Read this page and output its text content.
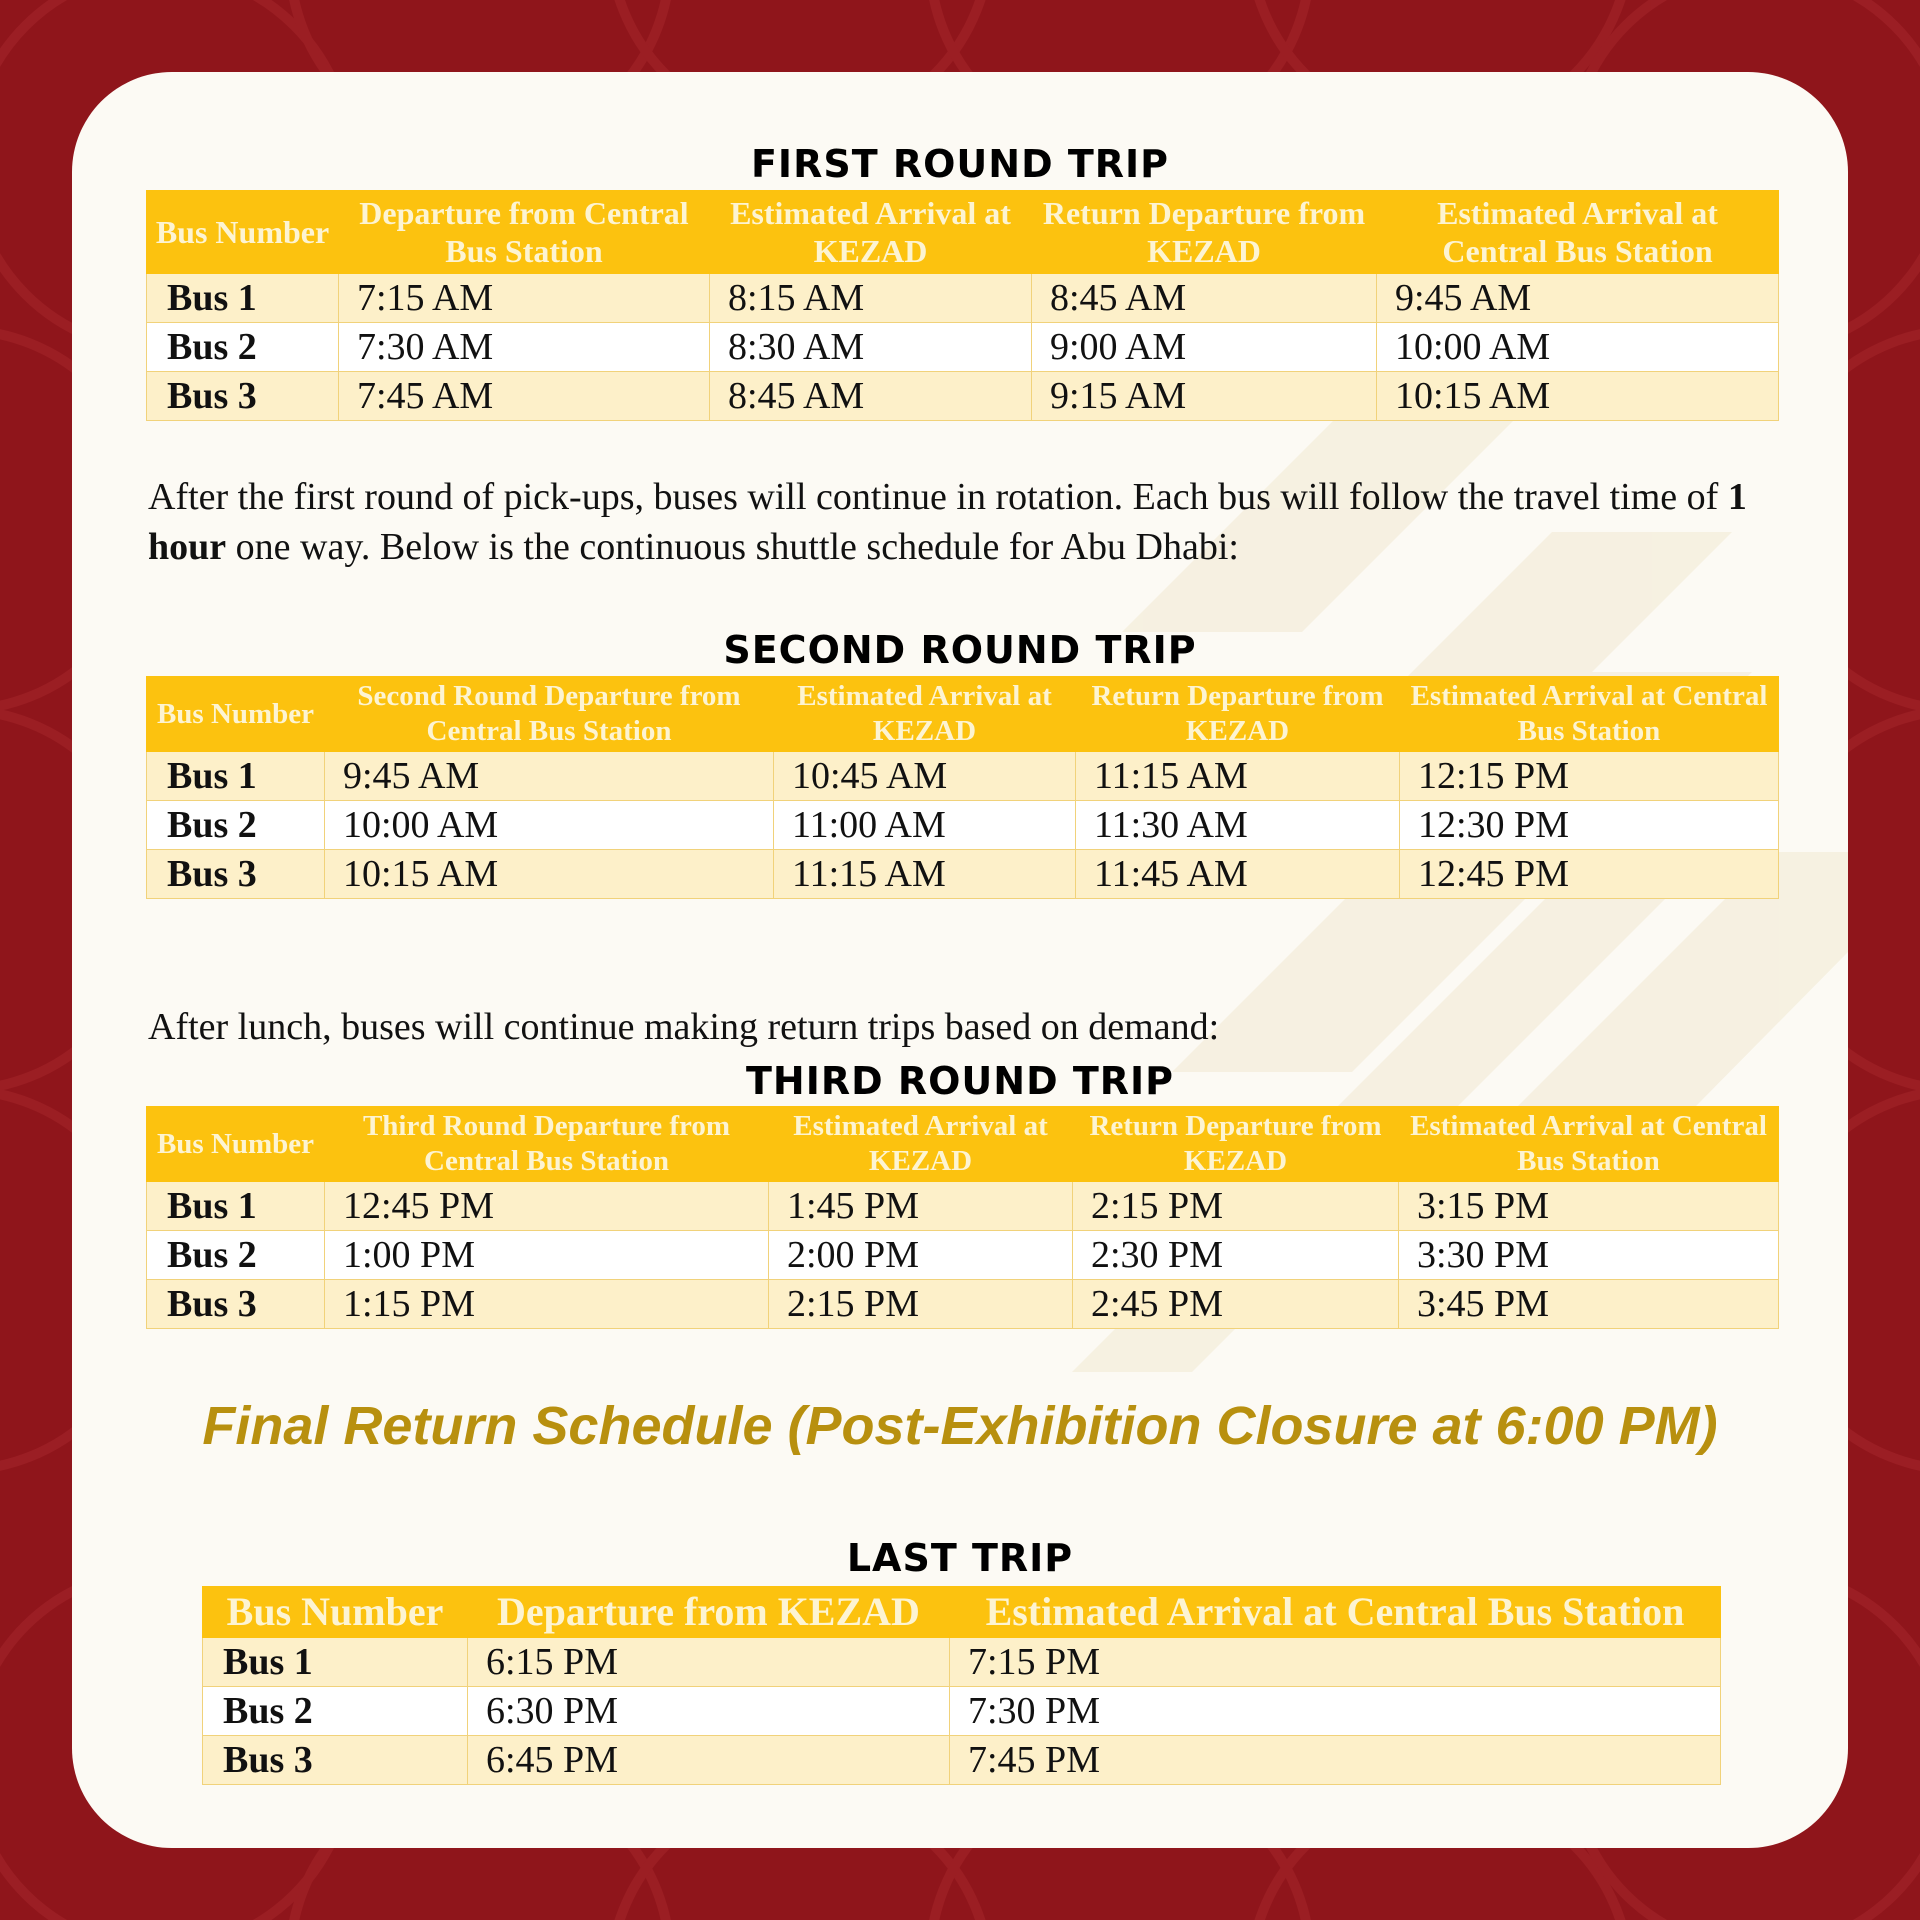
FIRST ROUND TRIP
Bus Number	Departure from Central Bus Station	Estimated Arrival at KEZAD	Return Departure from KEZAD	Estimated Arrival at Central Bus Station
Bus 1	7:15 AM	8:15 AM	8:45 AM	9:45 AM
Bus 2	7:30 AM	8:30 AM	9:00 AM	10:00 AM
Bus 3	7:45 AM	8:45 AM	9:15 AM	10:15 AM

After the first round of pick-ups, buses will continue in rotation. Each bus will follow the travel time of 1 hour one way. Below is the continuous shuttle schedule for Abu Dhabi:

SECOND ROUND TRIP
Bus Number	Second Round Departure from Central Bus Station	Estimated Arrival at KEZAD	Return Departure from KEZAD	Estimated Arrival at Central Bus Station
Bus 1	9:45 AM	10:45 AM	11:15 AM	12:15 PM
Bus 2	10:00 AM	11:00 AM	11:30 AM	12:30 PM
Bus 3	10:15 AM	11:15 AM	11:45 AM	12:45 PM

After lunch, buses will continue making return trips based on demand:

THIRD ROUND TRIP
Bus Number	Third Round Departure from Central Bus Station	Estimated Arrival at KEZAD	Return Departure from KEZAD	Estimated Arrival at Central Bus Station
Bus 1	12:45 PM	1:45 PM	2:15 PM	3:15 PM
Bus 2	1:00 PM	2:00 PM	2:30 PM	3:30 PM
Bus 3	1:15 PM	2:15 PM	2:45 PM	3:45 PM
Final Return Schedule (Post-Exhibition Closure at 6:00 PM)
LAST TRIP
Bus Number	Departure from KEZAD	Estimated Arrival at Central Bus Station
Bus 1	6:15 PM	7:15 PM
Bus 2	6:30 PM	7:30 PM
Bus 3	6:45 PM	7:45 PM
